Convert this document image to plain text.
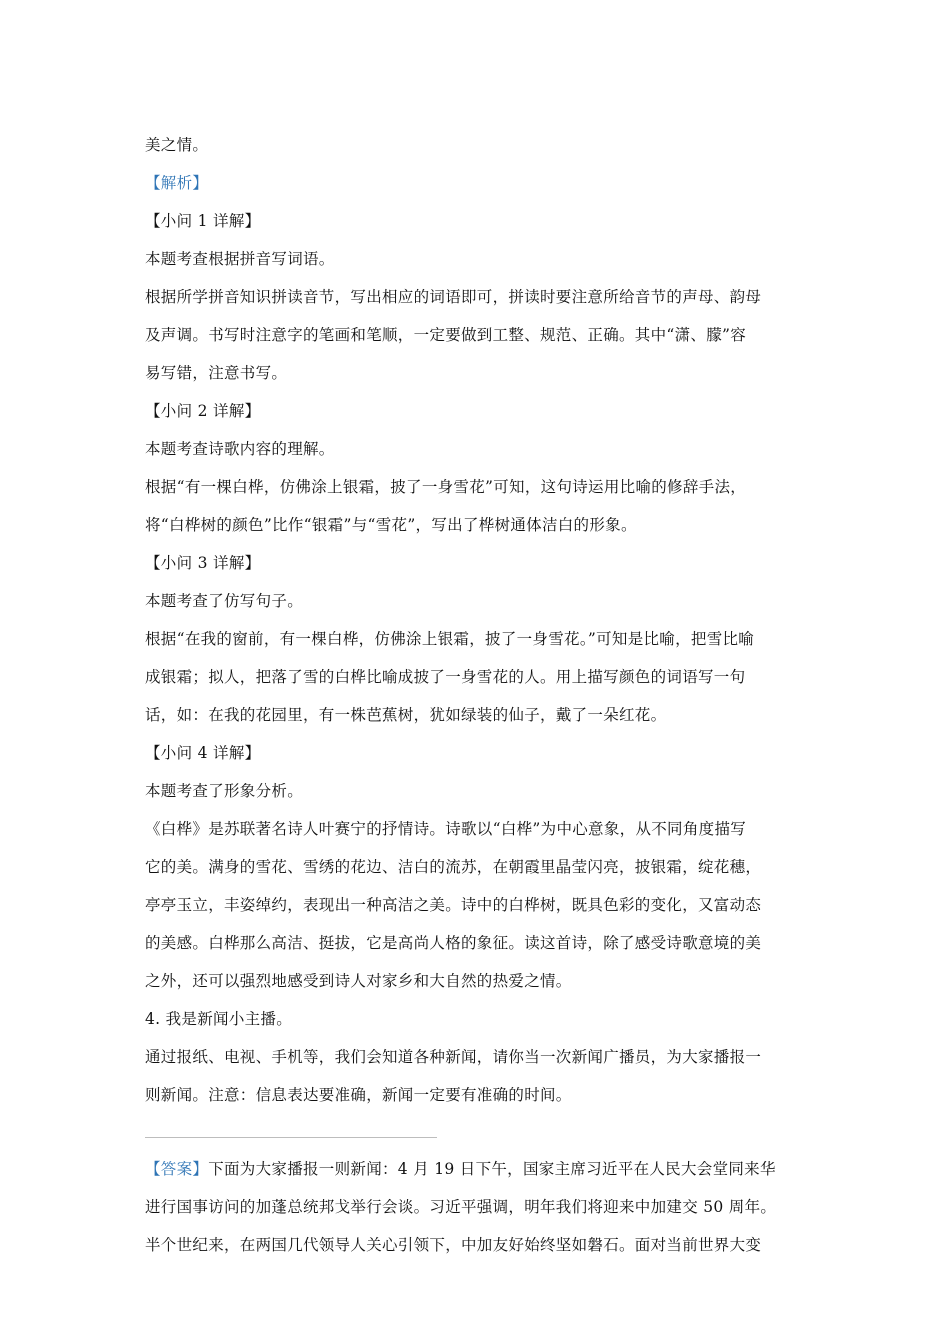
美之情。
【解析】
【小问 1 详解】
本题考查根据拼音写词语。
根据所学拼音知识拼读音节，写出相应的词语即可，拼读时要注意所给音节的声母、韵母
及声调。书写时注意字的笔画和笔顺，一定要做到工整、规范、正确。其中“潇、朦”容
易写错，注意书写。
【小问 2 详解】
本题考查诗歌内容的理解。
根据“有一棵白桦，仿佛涂上银霜，披了一身雪花”可知，这句诗运用比喻的修辞手法，
将“白桦树的颜色”比作“银霜”与“雪花”，写出了桦树通体洁白的形象。
【小问 3 详解】
本题考查了仿写句子。
根据“在我的窗前，有一棵白桦，仿佛涂上银霜，披了一身雪花。”可知是比喻，把雪比喻
成银霜；拟人，把落了雪的白桦比喻成披了一身雪花的人。用上描写颜色的词语写一句
话，如：在我的花园里，有一株芭蕉树，犹如绿装的仙子，戴了一朵红花。
【小问 4 详解】
本题考查了形象分析。
《白桦》是苏联著名诗人叶赛宁的抒情诗。诗歌以“白桦”为中心意象，从不同角度描写
它的美。满身的雪花、雪绣的花边、洁白的流苏，在朝霞里晶莹闪亮，披银霜，绽花穗，
亭亭玉立，丰姿绰约，表现出一种高洁之美。诗中的白桦树，既具色彩的变化，又富动态
的美感。白桦那么高洁、挺拔，它是高尚人格的象征。读这首诗，除了感受诗歌意境的美
之外，还可以强烈地感受到诗人对家乡和大自然的热爱之情。
4. 我是新闻小主播。
通过报纸、电视、手机等，我们会知道各种新闻，请你当一次新闻广播员，为大家播报一
则新闻。注意：信息表达要准确，新闻一定要有准确的时间。
【答案】下面为大家播报一则新闻：4 月 19 日下午，国家主席习近平在人民大会堂同来华
进行国事访问的加蓬总统邦戈举行会谈。习近平强调，明年我们将迎来中加建交 50 周年。
半个世纪来，在两国几代领导人关心引领下，中加友好始终坚如磐石。面对当前世界大变
